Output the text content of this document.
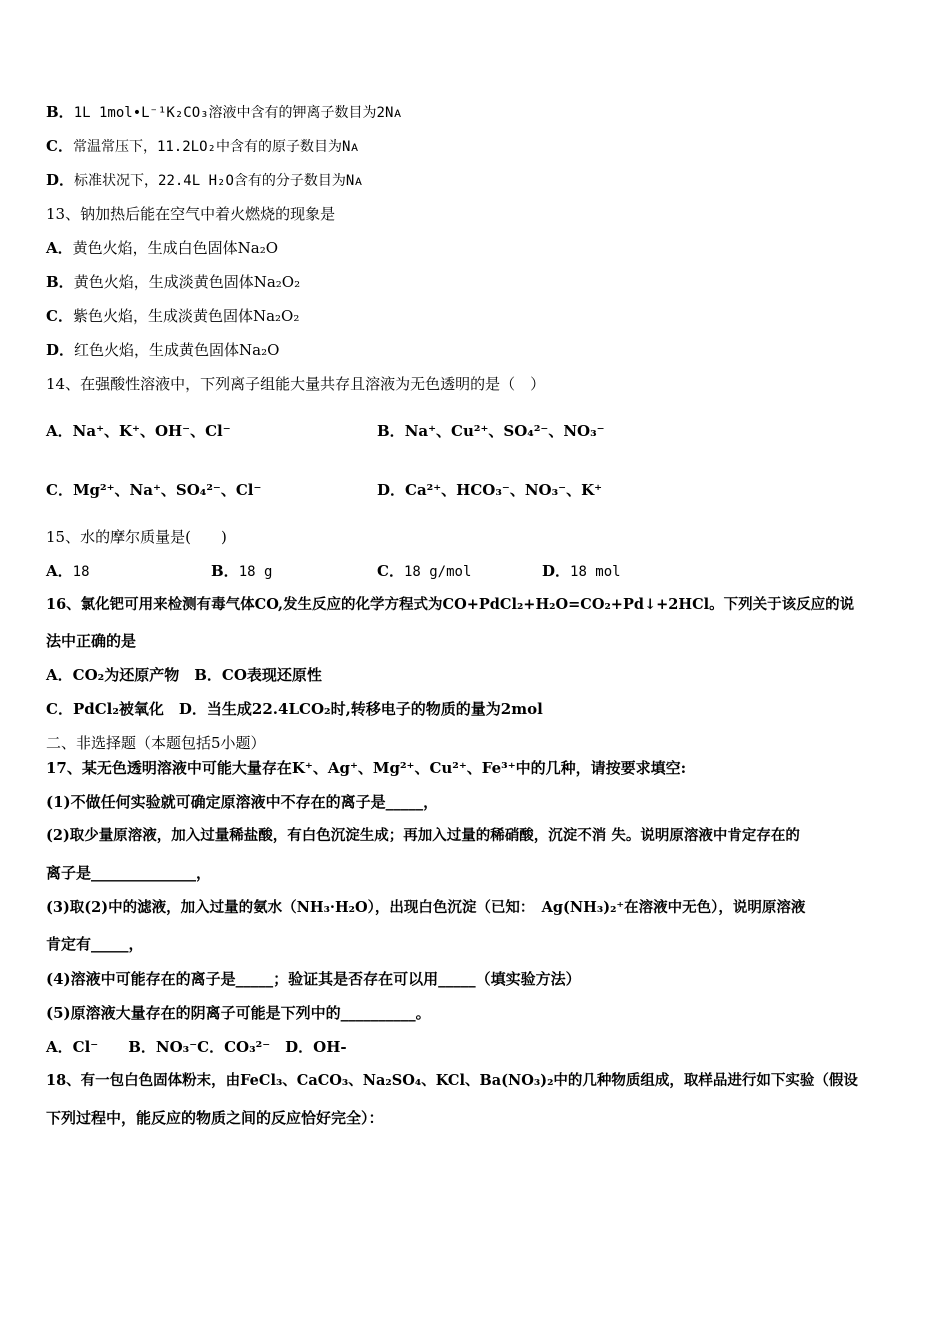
B．1L 1mol•L⁻¹K₂CO₃溶液中含有的钾离子数目为2Nᴀ
C．常温常压下，11.2LO₂中含有的原子数目为Nᴀ
D．标准状况下，22.4L H₂O含有的分子数目为Nᴀ
13、钠加热后能在空气中着火燃烧的现象是
A．黄色火焰，生成白色固体Na₂O
B．黄色火焰，生成淡黄色固体Na₂O₂
C．紫色火焰，生成淡黄色固体Na₂O₂
D．红色火焰，生成黄色固体Na₂O
14、在强酸性溶液中，下列离子组能大量共存且溶液为无色透明的是（　）
A．Na⁺、K⁺、OH⁻、Cl⁻	B．Na⁺、Cu²⁺、SO₄²⁻、NO₃⁻
C．Mg²⁺、Na⁺、SO₄²⁻、Cl⁻	D．Ca²⁺、HCO₃⁻、NO₃⁻、K⁺
15、水的摩尔质量是(　　)
A．18	B．18 g	C．18 g/mol	D．18 mol
16、氯化钯可用来检测有毒气体CO,发生反应的化学方程式为CO+PdCl₂+H₂O=CO₂+Pd↓+2HCl。下列关于该反应的说
法中正确的是
A．CO₂为还原产物　B．CO表现还原性
C．PdCl₂被氧化　D．当生成22.4LCO₂时,转移电子的物质的量为2mol
二、非选择题（本题包括5小题）
17、某无色透明溶液中可能大量存在K⁺、Ag⁺、Mg²⁺、Cu²⁺、Fe³⁺中的几种，请按要求填空:
(1)不做任何实验就可确定原溶液中不存在的离子是_____，
(2)取少量原溶液，加入过量稀盐酸，有白色沉淀生成；再加入过量的稀硝酸，沉淀不消 失。说明原溶液中肯定存在的
离子是______________，
(3)取(2)中的滤液，加入过量的氨水（NH₃·H₂O），出现白色沉淀（已知：　Ag(NH₃)₂⁺在溶液中无色），说明原溶液
肯定有_____，
(4)溶液中可能存在的离子是_____；验证其是否存在可以用_____（填实验方法）
(5)原溶液大量存在的阴离子可能是下列中的__________。
A．Cl⁻　　B．NO₃⁻C．CO₃²⁻　D．OH-
18、有一包白色固体粉末，由FeCl₃、CaCO₃、Na₂SO₄、KCl、Ba(NO₃)₂中的几种物质组成，取样品进行如下实验（假设
下列过程中，能反应的物质之间的反应恰好完全）：
